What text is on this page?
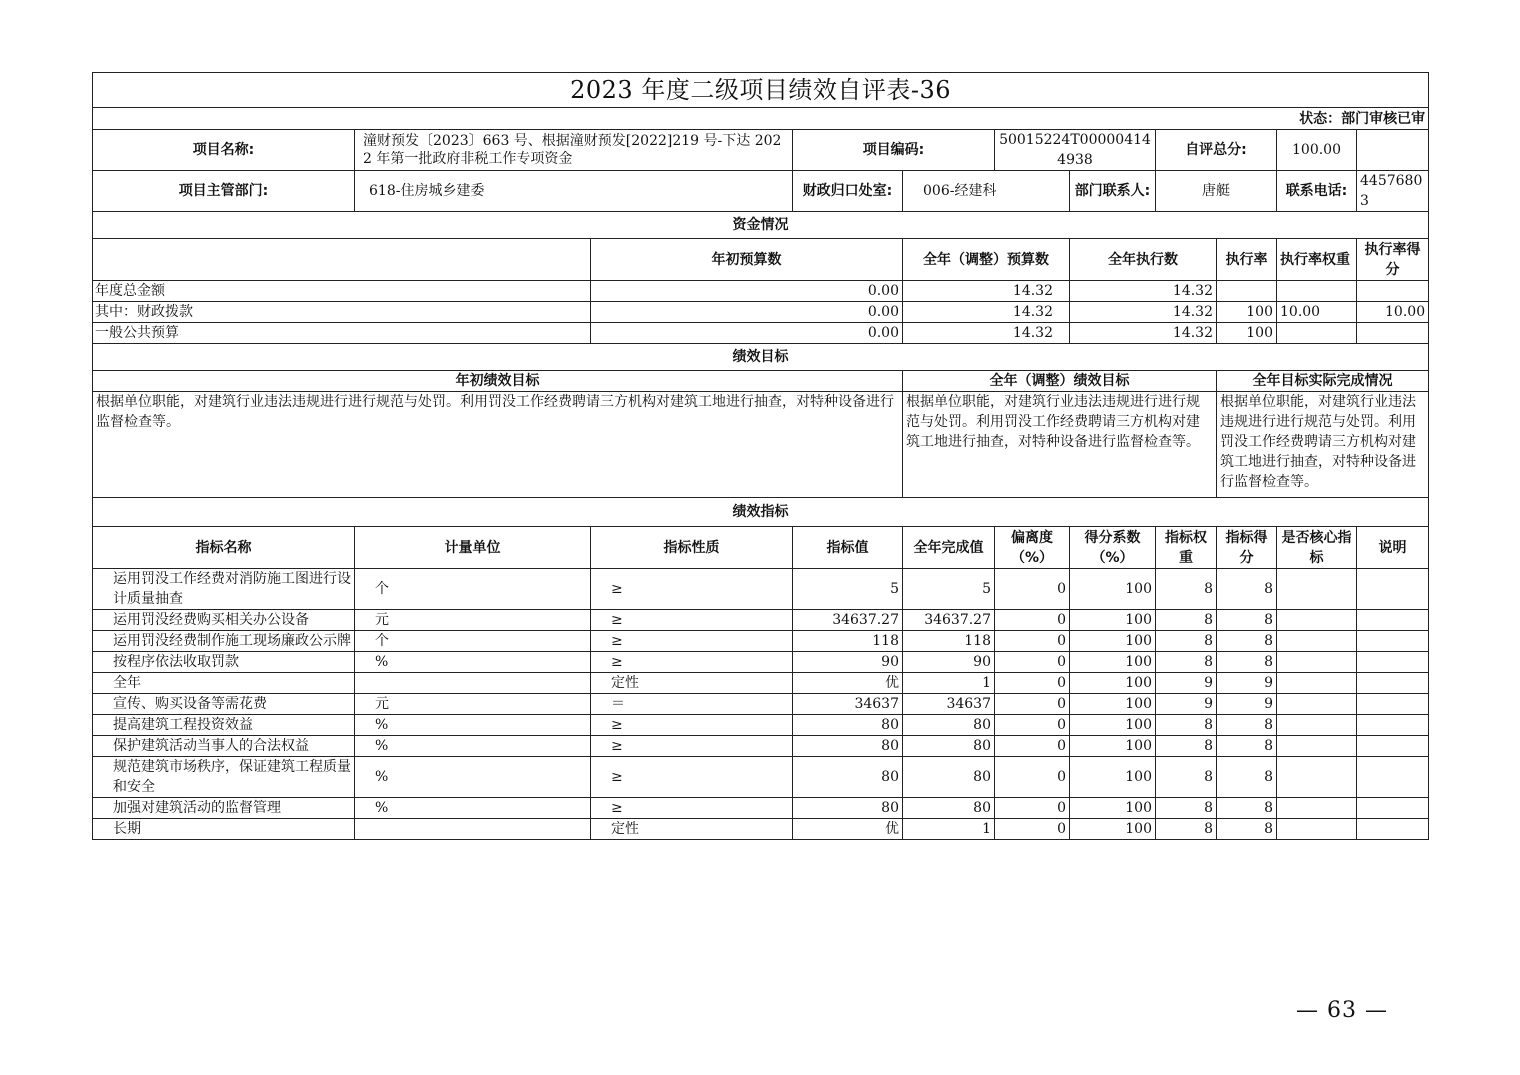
2023 年度二级项目绩效自评表-36										
状态：部门审核已审										
项目名称:	潼财预发〔2023〕663 号、根据潼财预发[2022]219 号-下达 2022 年第一批政府非税工作专项资金		项目编码:		50015224T000004144938		自评总分:		100.00	
项目主管部门:	618-住房城乡建委		财政归口处室:	006-经建科		部门联系人:	唐艇		联系电话:	44576803
资金情况										
		年初预算数		全年（调整）预算数		全年执行数		执行率	执行率权重	执行率得分
年度总金额		0.00		14.32		14.32				
其中：财政拨款		0.00		14.32		14.32		100	10.00	10.00
一般公共预算		0.00		14.32		14.32		100		
绩效目标										
年初绩效目标				全年（调整）绩效目标				全年目标实际完成情况		
根据单位职能，对建筑行业违法违规进行进行规范与处罚。利用罚没工作经费聘请三方机构对建筑工地进行抽查，对特种设备进行监督检查等。				根据单位职能，对建筑行业违法违规进行进行规范与处罚。利用罚没工作经费聘请三方机构对建筑工地进行抽查，对特种设备进行监督检查等。				根据单位职能，对建筑行业违法违规进行进行规范与处罚。利用罚没工作经费聘请三方机构对建筑工地进行抽查，对特种设备进行监督检查等。		
绩效指标										
指标名称	计量单位	指标性质	指标值	全年完成值	偏离度（%）	得分系数（%）	指标权重	指标得分	是否核心指标	说明
运用罚没工作经费对消防施工图进行设计质量抽查	个	≥	5	5	0	100	8	8		
运用罚没经费购买相关办公设备	元	≥	34637.27	34637.27	0	100	8	8		
运用罚没经费制作施工现场廉政公示牌	个	≥	118	118	0	100	8	8		
按程序依法收取罚款	%	≥	90	90	0	100	8	8		
全年		定性	优	1	0	100	9	9		
宣传、购买设备等需花费	元	＝	34637	34637	0	100	9	9		
提高建筑工程投资效益	%	≥	80	80	0	100	8	8		
保护建筑活动当事人的合法权益	%	≥	80	80	0	100	8	8		
规范建筑市场秩序，保证建筑工程质量和安全	%	≥	80	80	0	100	8	8		
加强对建筑活动的监督管理	%	≥	80	80	0	100	8	8		
长期		定性	优	1	0	100	8	8		
— 63 —
